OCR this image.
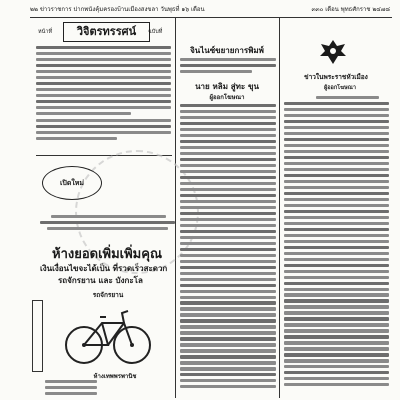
๒๒ ข่าวราชการ ปากพนังคุ้มครองบ้านเมืองสงขลา วันพุธที่ ๑๖ เดือน	๓๓๐ เดือน พุทธศักราช ๒๔๗๘
หน้าที่	วิจิตรทรรศน์	ฉบับที่
เปิดใหม่
ห้างยอดเพิ่มเพิ่มคุณ
เงินเงื่อนไขจะได้เป็น ที่รวดเร็วสะดวก
รถจักรยาน และ บังกะโล
รถจักรยาน
ห้างเทพพรพานิช
จินไนซ์ขยายการพิมพ์
นาย หลิม สู่ทะ ขุน
ผู้ออกโฆษณา
ข่าวในพระราชหัวเมือง
ผู้ออกโฆษณา
